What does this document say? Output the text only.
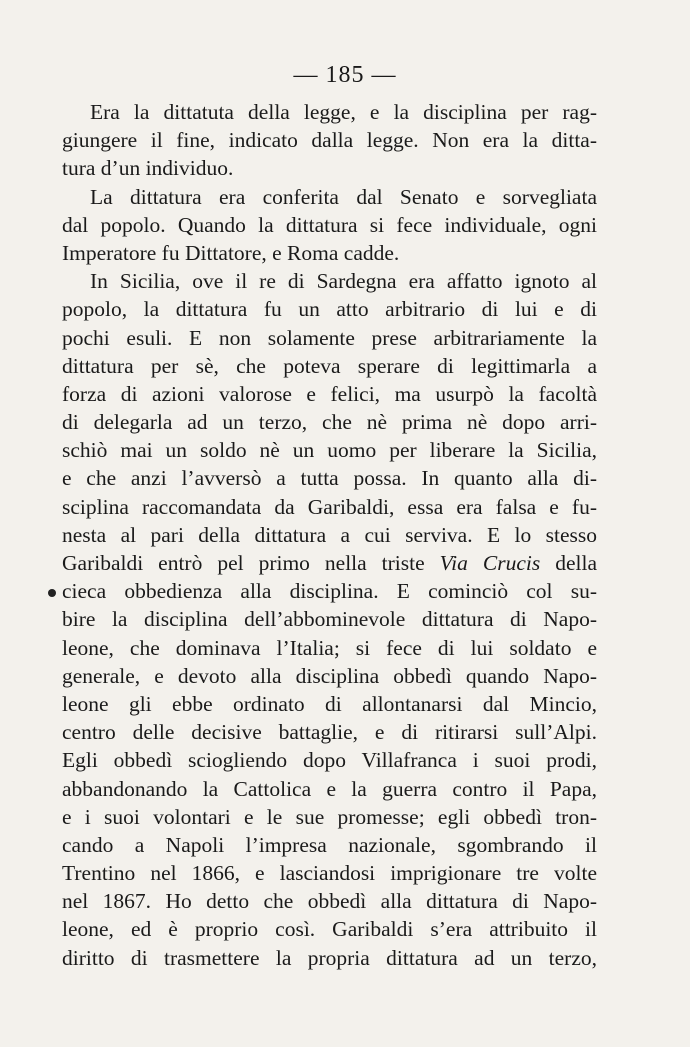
— 185 —
Era la dittatuta della legge, e la disciplina per rag-
giungere il fine, indicato dalla legge. Non era la ditta-
tura d’un individuo.
La dittatura era conferita dal Senato e sorvegliata
dal popolo. Quando la dittatura si fece individuale, ogni
Imperatore fu Dittatore, e Roma cadde.
In Sicilia, ove il re di Sardegna era affatto ignoto al
popolo, la dittatura fu un atto arbitrario di lui e di
pochi esuli. E non solamente prese arbitrariamente la
dittatura per sè, che poteva sperare di legittimarla a
forza di azioni valorose e felici, ma usurpò la facoltà
di delegarla ad un terzo, che nè prima nè dopo arri-
schiò mai un soldo nè un uomo per liberare la Sicilia,
e che anzi l’avversò a tutta possa. In quanto alla di-
sciplina raccomandata da Garibaldi, essa era falsa e fu-
nesta al pari della dittatura a cui serviva. E lo stesso
Garibaldi entrò pel primo nella triste Via Crucis della
cieca obbedienza alla disciplina. E cominciò col su-
bire la disciplina dell’abbominevole dittatura di Napo-
leone, che dominava l’Italia; si fece di lui soldato e
generale, e devoto alla disciplina obbedì quando Napo-
leone gli ebbe ordinato di allontanarsi dal Mincio,
centro delle decisive battaglie, e di ritirarsi sull’Alpi.
Egli obbedì sciogliendo dopo Villafranca i suoi prodi,
abbandonando la Cattolica e la guerra contro il Papa,
e i suoi volontari e le sue promesse; egli obbedì tron-
cando a Napoli l’impresa nazionale, sgombrando il
Trentino nel 1866, e lasciandosi imprigionare tre volte
nel 1867. Ho detto che obbedì alla dittatura di Napo-
leone, ed è proprio così. Garibaldi s’era attribuito il
diritto di trasmettere la propria dittatura ad un terzo,
